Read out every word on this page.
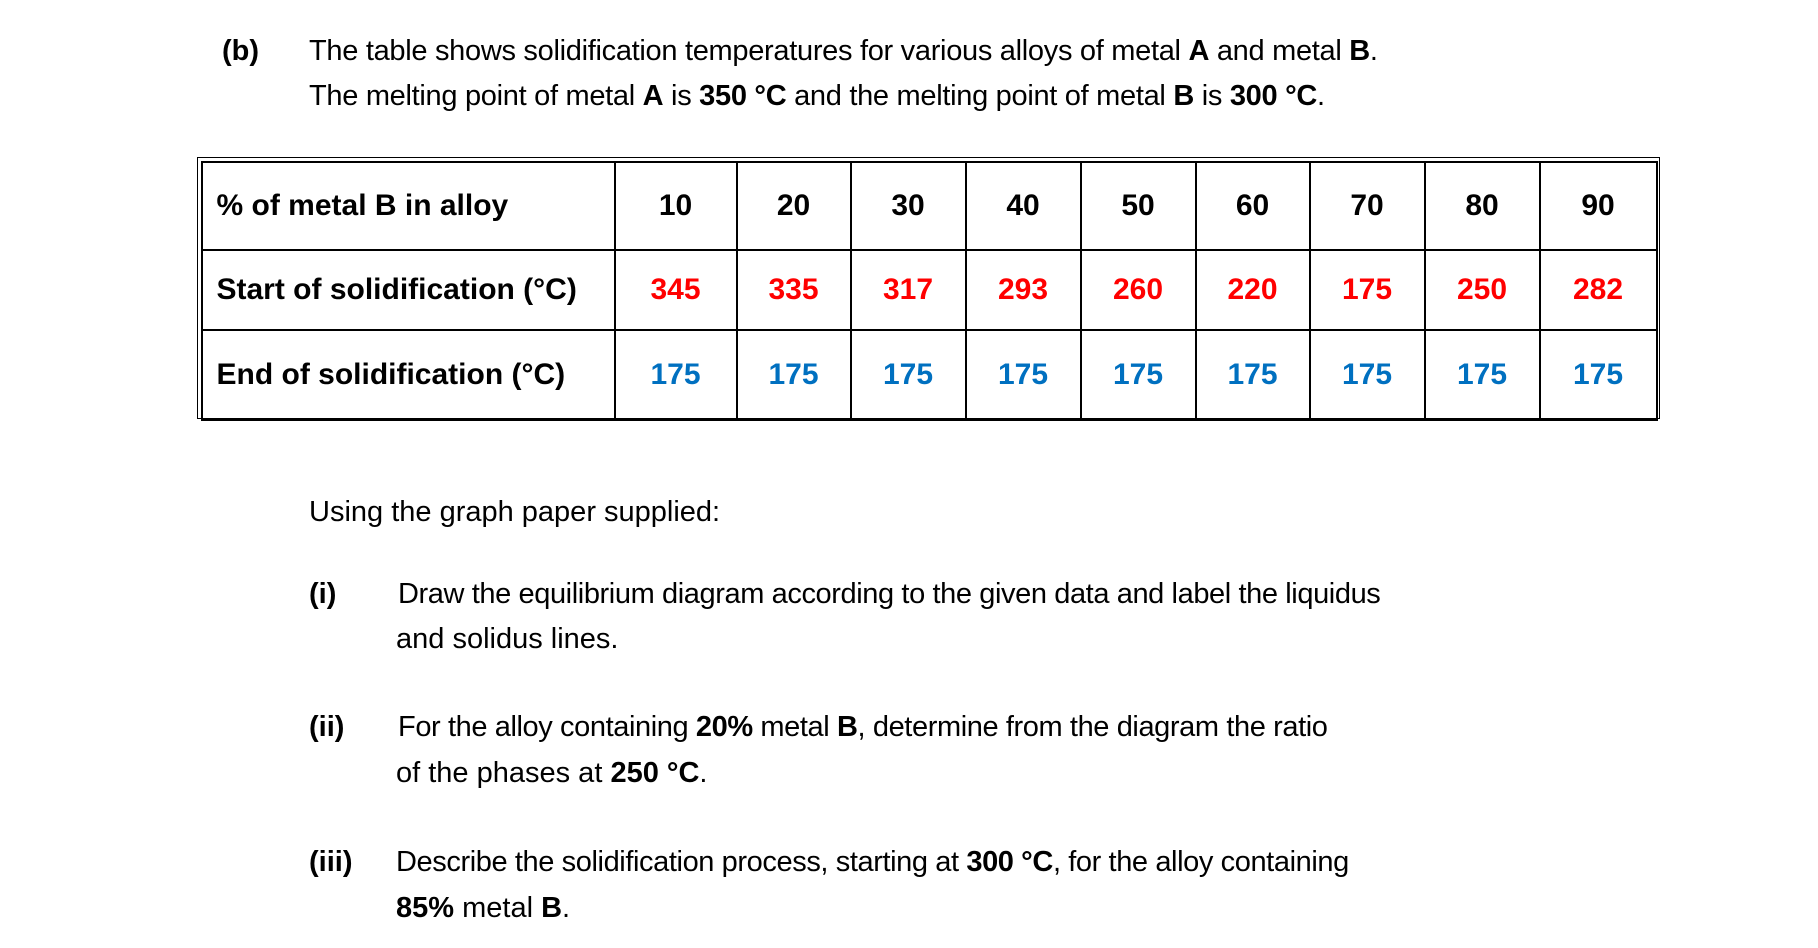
(b) The table shows solidification temperatures for various alloys of metal A and metal B.
The melting point of metal A is 350 °C and the melting point of metal B is 300 °C.
% of metal B in alloy	10	20	30	40	50	60	70	80	90
Start of solidification (°C)	345	335	317	293	260	220	175	250	282
End of solidification (°C)	175	175	175	175	175	175	175	175	175
Using the graph paper supplied:
(i) Draw the equilibrium diagram according to the given data and label the liquidus
and solidus lines.
(ii) For the alloy containing 20% metal B, determine from the diagram the ratio
of the phases at 250 °C.
(iii) Describe the solidification process, starting at 300 °C, for the alloy containing
85% metal B.
